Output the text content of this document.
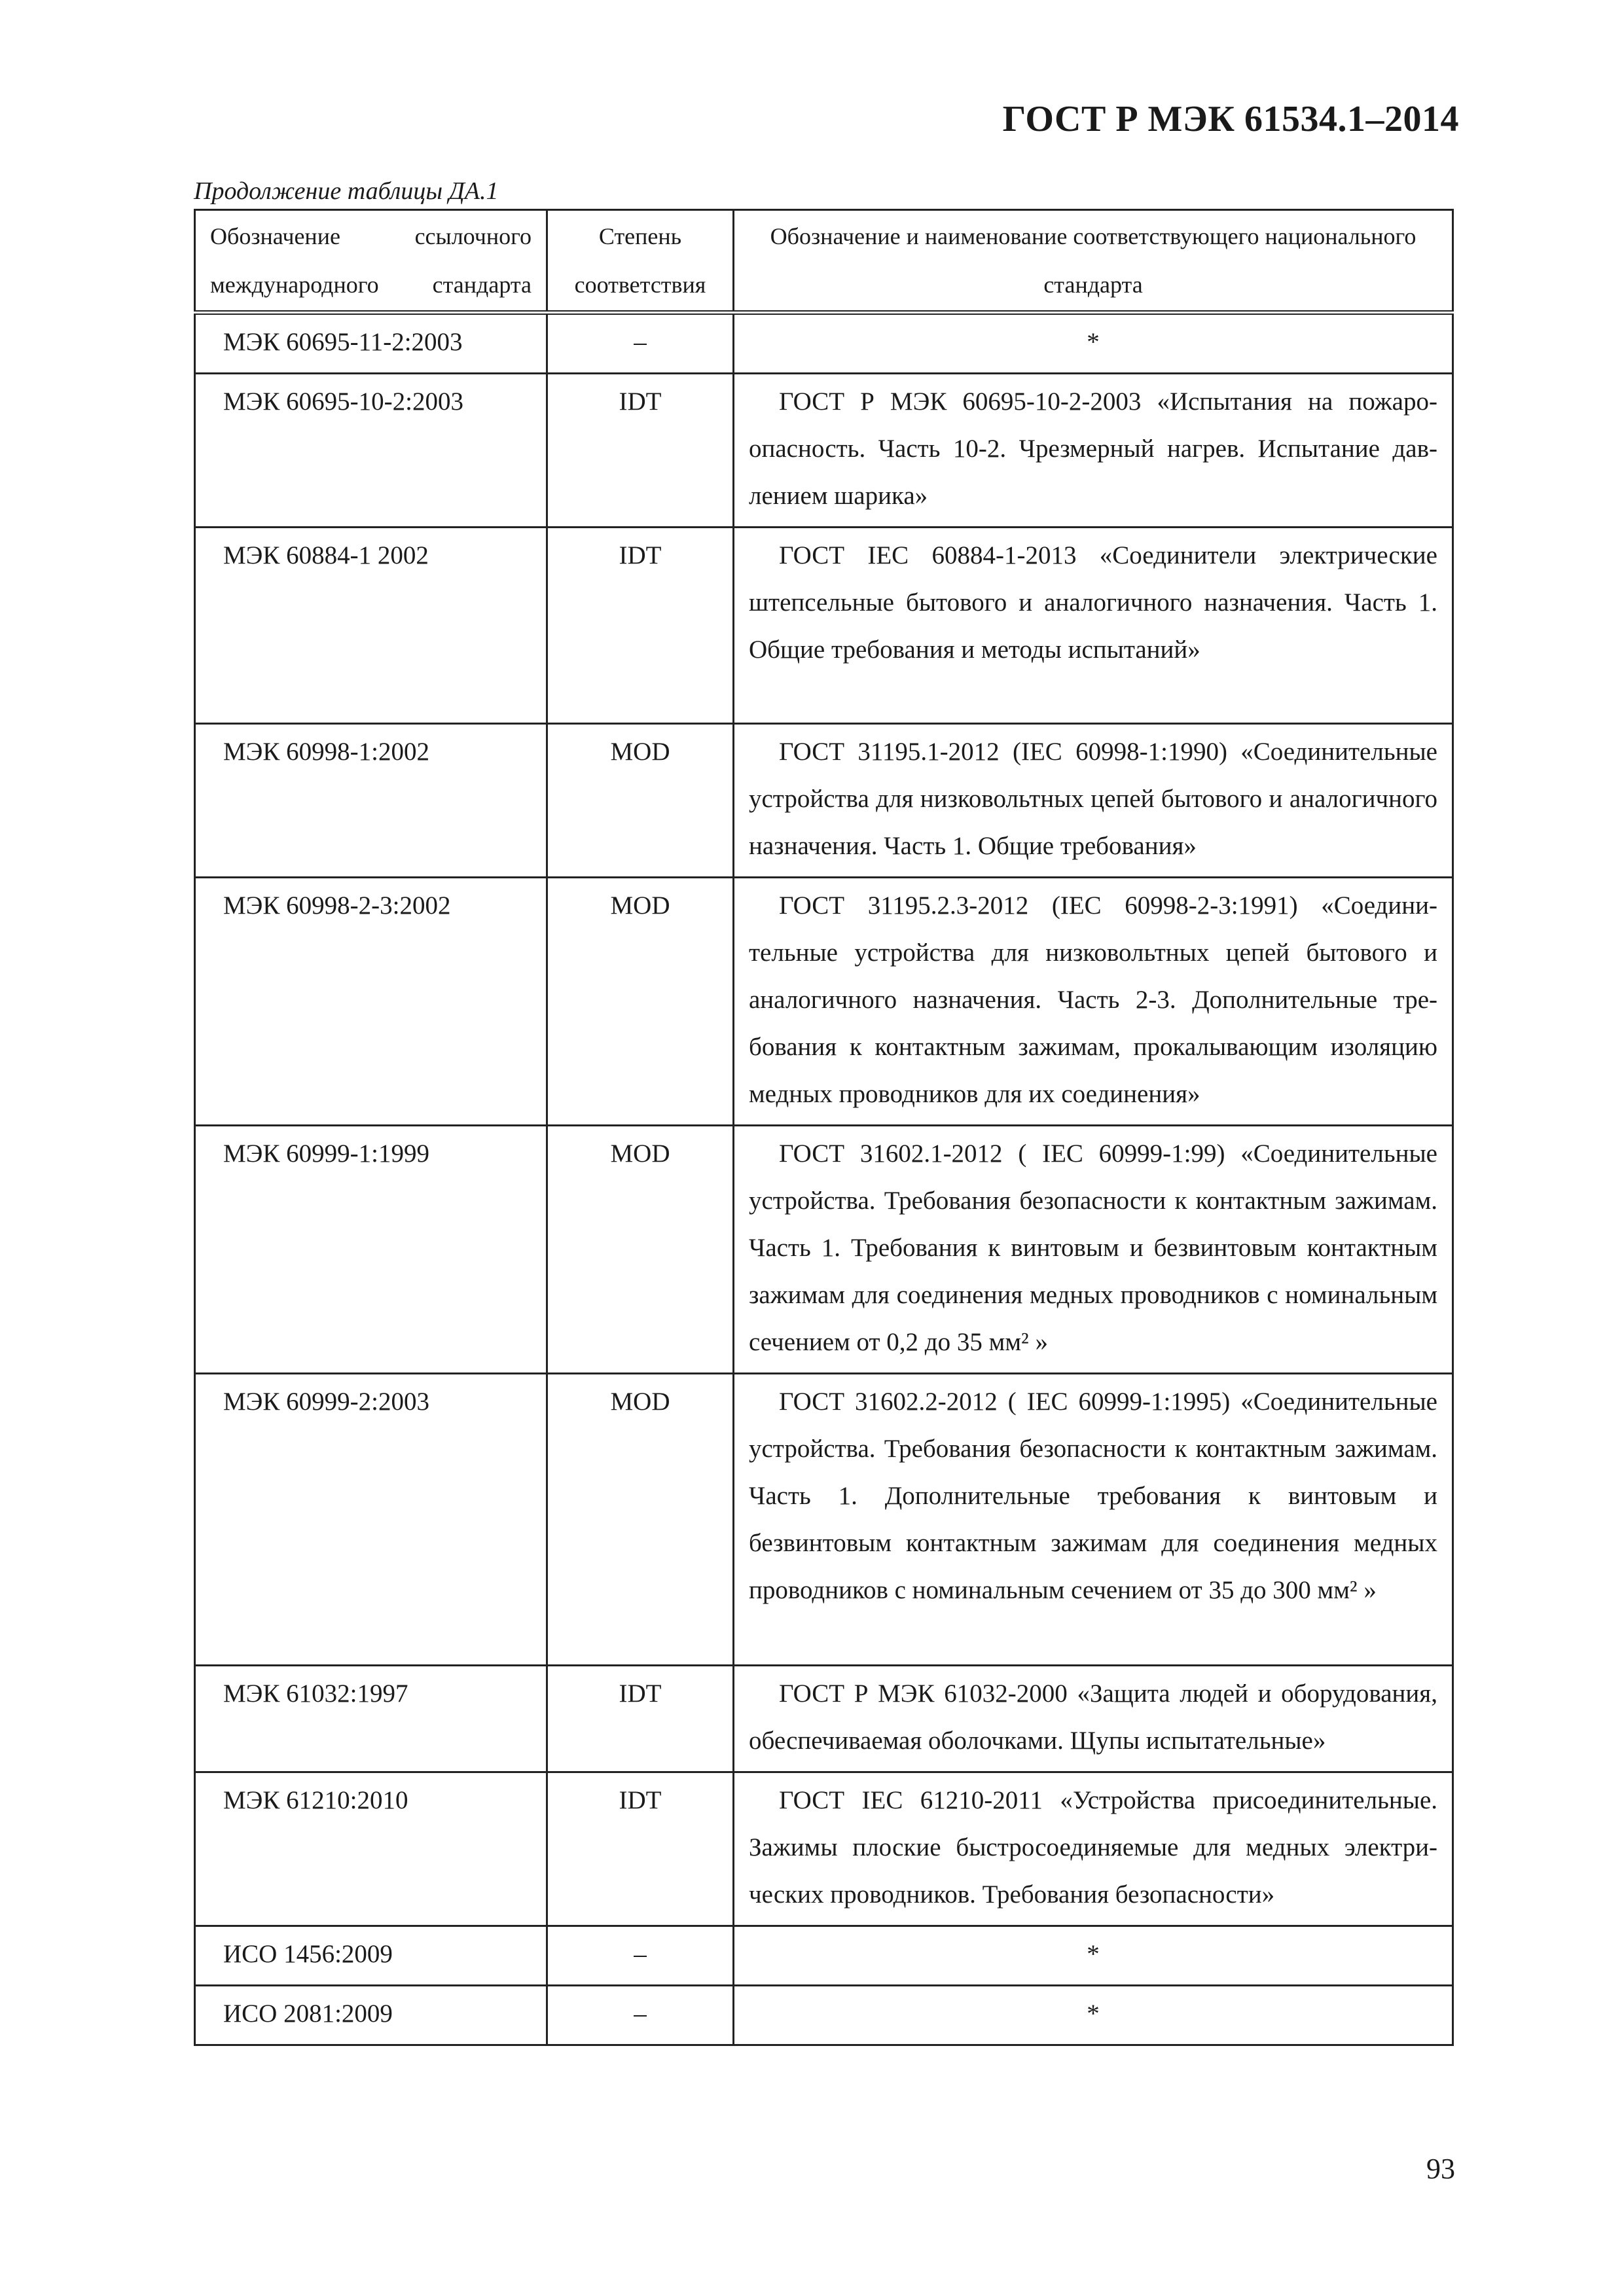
ГОСТ Р МЭК 61534.1–2014
Продолжение таблицы ДА.1
Обозначение ссылочного международного стандарта	Степень соответствия	Обозначение и наименование соответствующего национального стандарта
МЭК 60695-11-2:2003	–	*
МЭК 60695-10-2:2003	IDT	ГОСТ Р МЭК 60695-10-2-2003 «Испытания на пожароопасность. Часть 10-2. Чрезмерный нагрев. Испытание давлением шарика»

МЭК 60884-1 2002	IDT	ГОСТ IEC 60884-1-2013 «Соединители электрические штепсельные бытового и аналогичного назначения. Часть 1. Общие требования и методы испытаний»

МЭК 60998-1:2002	MOD	ГОСТ 31195.1-2012 (IEC 60998-1:1990) «Соединительные устройства для низковольтных цепей бытового и аналогичного назначения. Часть 1. Общие требования»

МЭК 60998-2-3:2002	MOD	ГОСТ 31195.2.3-2012 (IEC 60998-2-3:1991) «Соединительные устройства для низковольтных цепей бытового и аналогичного назначения. Часть 2-3. Дополнительные требования к контактным зажимам, прокалывающим изоляцию медных проводников для их соединения»

МЭК 60999-1:1999	MOD	ГОСТ 31602.1-2012 ( IEC 60999-1:99) «Соединительные устройства. Требования безопасности к контактным зажимам. Часть 1. Требования к винтовым и безвинтовым контактным зажимам для соединения медных проводников с номинальным сечением от 0,2 до 35 мм² »

МЭК 60999-2:2003	MOD	ГОСТ 31602.2-2012 ( IEC 60999-1:1995) «Соединительные устройства. Требования безопасности к контактным зажимам. Часть 1. Дополнительные требования к винтовым и безвинтовым контактным зажимам для соединения медных проводников с номинальным сечением от 35 до 300 мм² »

МЭК 61032:1997	IDT	ГОСТ Р МЭК 61032-2000 «Защита людей и оборудования, обеспечиваемая оболочками. Щупы испытательные»

МЭК 61210:2010	IDT	ГОСТ IEC 61210-2011 «Устройства присоединительные. Зажимы плоские быстросоединяемые для медных электрических проводников. Требования безопасности»

ИСО 1456:2009	–	*
ИСО 2081:2009	–	*
93
